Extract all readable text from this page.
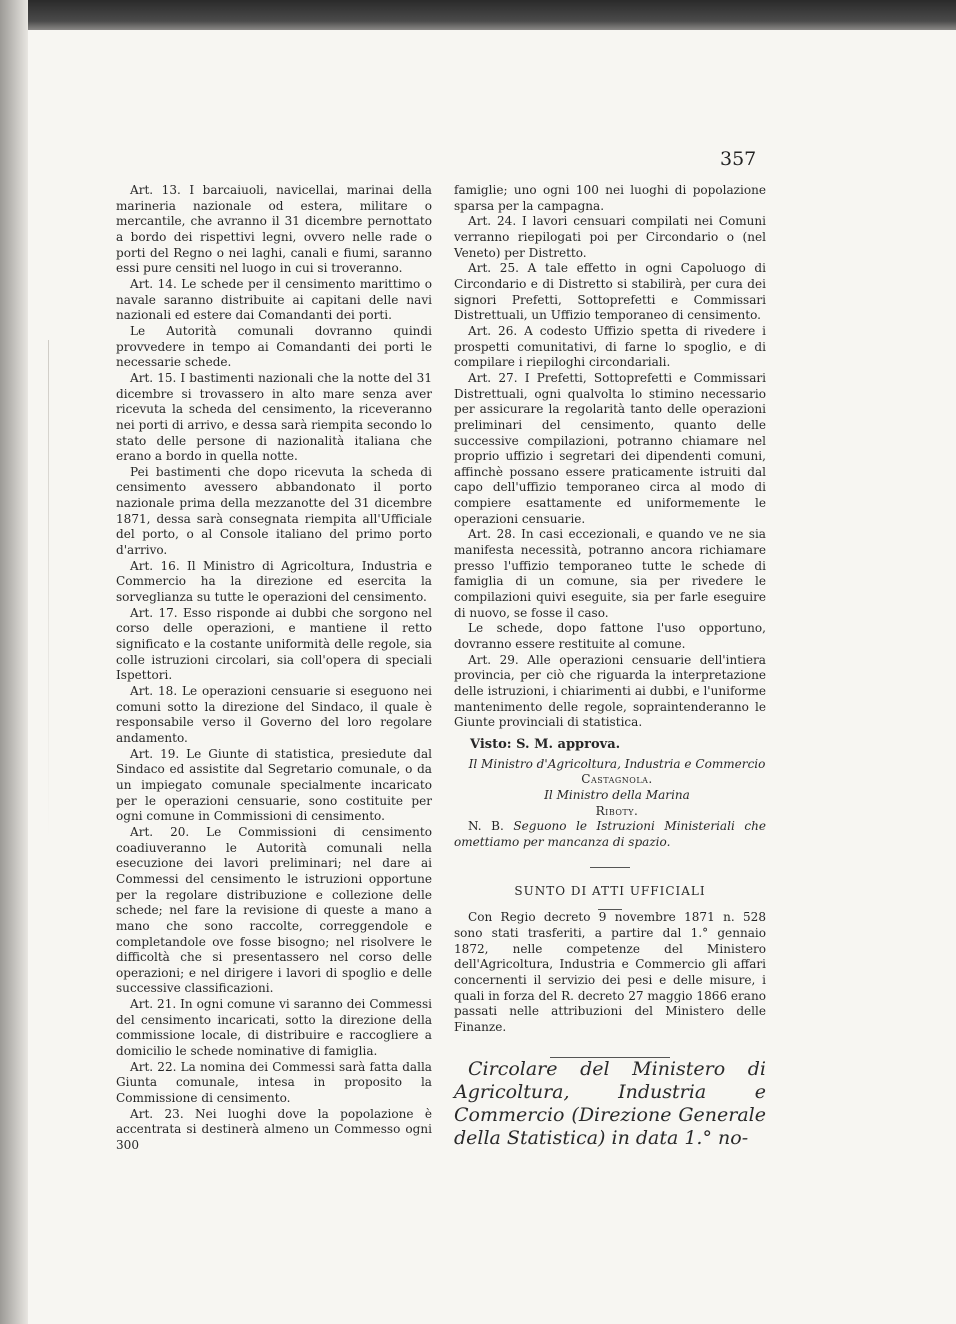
357

Art. 13. I barcaiuoli, navicellai, marinai della marineria nazionale od estera, militare o mercantile, che avranno il 31 dicembre pernottato a bordo dei rispettivi legni, ovvero nelle rade o porti del Regno o nei laghi, canali e fiumi, saranno essi pure censiti nel luogo in cui si troveranno.

Art. 14. Le schede per il censimento marittimo o navale saranno distribuite ai capitani delle navi nazionali ed estere dai Comandanti dei porti.

Le Autorità comunali dovranno quindi provvedere in tempo ai Comandanti dei porti le necessarie schede.

Art. 15. I bastimenti nazionali che la notte del 31 dicembre si trovassero in alto mare senza aver ricevuta la scheda del censimento, la riceveranno nei porti di arrivo, e dessa sarà riempita secondo lo stato delle persone di nazionalità italiana che erano a bordo in quella notte.

Pei bastimenti che dopo ricevuta la scheda di censimento avessero abbandonato il porto nazionale prima della mezzanotte del 31 dicembre 1871, dessa sarà consegnata riempita all'Ufficiale del porto, o al Console italiano del primo porto d'arrivo.

Art. 16. Il Ministro di Agricoltura, Industria e Commercio ha la direzione ed esercita la sorveglianza su tutte le operazioni del censimento.

Art. 17. Esso risponde ai dubbi che sorgono nel corso delle operazioni, e mantiene il retto significato e la costante uniformità delle regole, sia colle istruzioni circolari, sia coll'opera di speciali Ispettori.

Art. 18. Le operazioni censuarie si eseguono nei comuni sotto la direzione del Sindaco, il quale è responsabile verso il Governo del loro regolare andamento.

Art. 19. Le Giunte di statistica, presiedute dal Sindaco ed assistite dal Segretario comunale, o da un impiegato comunale specialmente incaricato per le operazioni censuarie, sono costituite per ogni comune in Commissioni di censimento.

Art. 20. Le Commissioni di censimento coadiuveranno le Autorità comunali nella esecuzione dei lavori preliminari; nel dare ai Commessi del censimento le istruzioni opportune per la regolare distribuzione e collezione delle schede; nel fare la revisione di queste a mano a mano che sono raccolte, correggendole e completandole ove fosse bisogno; nel risolvere le difficoltà che si presentassero nel corso delle operazioni; e nel dirigere i lavori di spoglio e delle successive classificazioni.

Art. 21. In ogni comune vi saranno dei Commessi del censimento incaricati, sotto la direzione della commissione locale, di distribuire e raccogliere a domicilio le schede nominative di famiglia.

Art. 22. La nomina dei Commessi sarà fatta dalla Giunta comunale, intesa in proposito la Commissione di censimento.

Art. 23. Nei luoghi dove la popolazione è accentrata si destinerà almeno un Commesso ogni 300

famiglie; uno ogni 100 nei luoghi di popolazione sparsa per la campagna.

Art. 24. I lavori censuari compilati nei Comuni verranno riepilogati poi per Circondario o (nel Veneto) per Distretto.

Art. 25. A tale effetto in ogni Capoluogo di Circondario e di Distretto si stabilirà, per cura dei signori Prefetti, Sottoprefetti e Commissari Distrettuali, un Uffizio temporaneo di censimento.

Art. 26. A codesto Uffizio spetta di rivedere i prospetti comunitativi, di farne lo spoglio, e di compilare i riepiloghi circondariali.

Art. 27. I Prefetti, Sottoprefetti e Commissari Distrettuali, ogni qualvolta lo stimino necessario per assicurare la regolarità tanto delle operazioni preliminari del censimento, quanto delle successive compilazioni, potranno chiamare nel proprio uffizio i segretari dei dipendenti comuni, affinchè possano essere praticamente istruiti dal capo dell'uffizio temporaneo circa al modo di compiere esattamente ed uniformemente le operazioni censuarie.

Art. 28. In casi eccezionali, e quando ve ne sia manifesta necessità, potranno ancora richiamare presso l'uffizio temporaneo tutte le schede di famiglia di un comune, sia per rivedere le compilazioni quivi eseguite, sia per farle eseguire di nuovo, se fosse il caso.

Le schede, dopo fattone l'uso opportuno, dovranno essere restituite al comune.

Art. 29. Alle operazioni censuarie dell'intiera provincia, per ciò che riguarda la interpretazione delle istruzioni, i chiarimenti ai dubbi, e l'uniforme mantenimento delle regole, sopraintenderanno le Giunte provinciali di statistica.

Visto: S. M. approva.

Il Ministro d'Agricoltura, Industria e Commercio

Castagnola.

Il Ministro della Marina

Riboty.

N. B. Seguono le Istruzioni Ministeriali che omettiamo per mancanza di spazio.

SUNTO DI ATTI UFFICIALI

Con Regio decreto 9 novembre 1871 n. 528 sono stati trasferiti, a partire dal 1.° gennaio 1872, nelle competenze del Ministero dell'Agricoltura, Industria e Commercio gli affari concernenti il servizio dei pesi e delle misure, i quali in forza del R. decreto 27 maggio 1866 erano passati nelle attribuzioni del Ministero delle Finanze.

Circolare del Ministero di Agricoltura, Industria e Commercio (Direzione Generale della Statistica) in data 1.° no-
